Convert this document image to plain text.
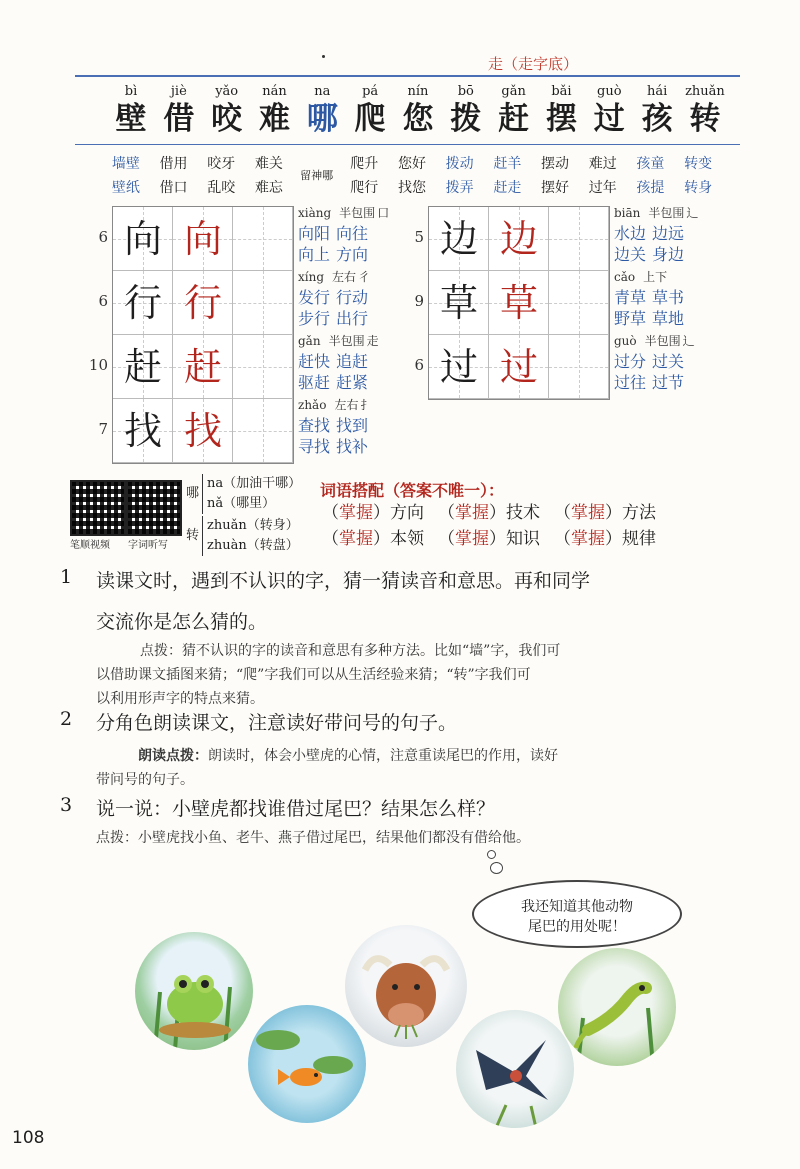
走（走字底）
bì
壁
jiè
借
yǎo
咬
nán
难
na
哪
pá
爬
nín
您
bō
拨
gǎn
赶
bǎi
摆
guò
过
hái
孩
zhuǎn
转
墙壁
壁纸
借用
借口
咬牙
乱咬
难关
难忘
留神哪
爬升
爬行
您好
找您
拨动
拨弄
赶羊
赶走
摆动
摆好
难过
过年
孩童
孩提
转变
转身
向 向
行 行
赶 赶
找 找
6
xiàng 半包围 口
向阳 向往
向上 方向
6
xíng 左右 彳
发行 行动
步行 出行
10
gǎn 半包围 走
赶快 追赶
驱赶 赶紧
7
zhǎo 左右 扌
查找 找到
寻找 找补
边 边
草 草
过 过
5
biān 半包围 辶
水边 边远
边关 身边
9
cǎo 上下
青草 草书
野草 草地
6
guò 半包围 辶
过分 过关
过往 过节
笔顺视频 字词听写
哪
na（加油干哪）
nǎ（哪里）
转
zhuǎn（转身）
zhuàn（转盘）
词语搭配（答案不唯一）：
（掌握）方向 （掌握）技术 （掌握）方法
（掌握）本领 （掌握）知识 （掌握）规律
1 读课文时，遇到不认识的字，猜一猜读音和意思。再和同学
交流你是怎么猜的。
点拨：猜不认识的字的读音和意思有多种方法。比如“墙”字，我们可
以借助课文插图来猜；“爬”字我们可以从生活经验来猜；“转”字我们可
以利用形声字的特点来猜。
2 分角色朗读课文，注意读好带问号的句子。
朗读点拨：朗读时，体会小壁虎的心情，注意重读尾巴的作用，读好
带问号的句子。
3 说一说：小壁虎都找谁借过尾巴？结果怎么样？
点拨：小壁虎找小鱼、老牛、燕子借过尾巴，结果他们都没有借给他。
我还知道其他动物
尾巴的用处呢！
108
